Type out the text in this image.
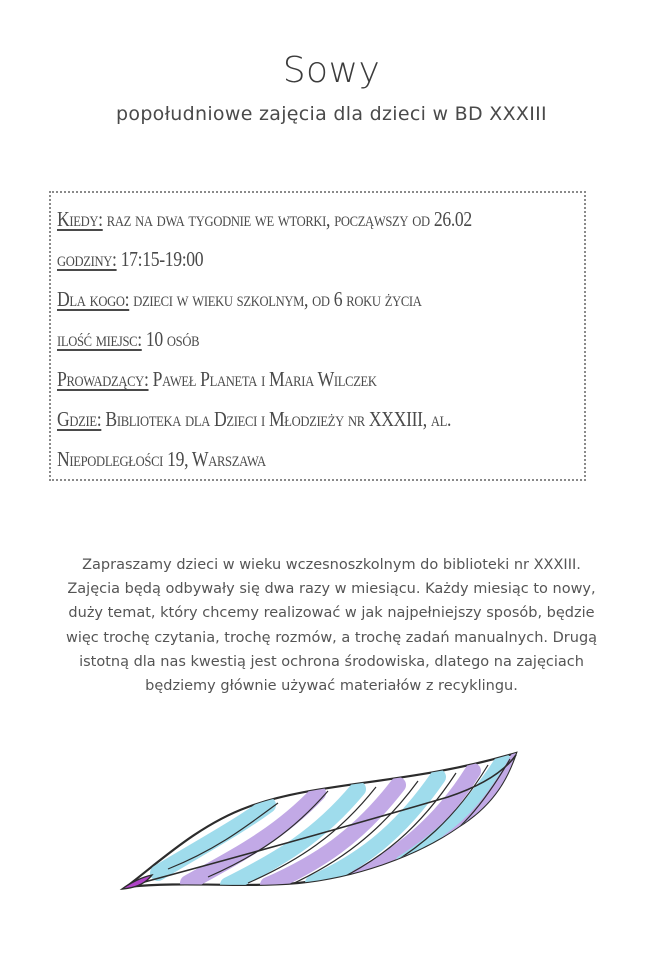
Sowy
popołudniowe zajęcia dla dzieci w BD XXXIII
Kiedy: raz na dwa tygodnie we wtorki, począwszy od 26.02
godziny: 17:15-19:00
Dla kogo: dzieci w wieku szkolnym, od 6 roku życia
ilość miejsc: 10 osób
Prowadzący: Paweł Planeta i Maria Wilczek
Gdzie: Biblioteka dla Dzieci i Młodzieży nr XXXIII, al.
Niepodległości 19, Warszawa
Zapraszamy dzieci w wieku wczesnoszkolnym do biblioteki nr XXXIII. Zajęcia będą odbywały się dwa razy w miesiącu. Każdy miesiąc to nowy, duży temat, który chcemy realizować w jak najpełniejszy sposób, będzie więc trochę czytania, trochę rozmów, a trochę zadań manualnych. Drugą istotną dla nas kwestią jest ochrona środowiska, dlatego na zajęciach będziemy głównie używać materiałów z recyklingu.
